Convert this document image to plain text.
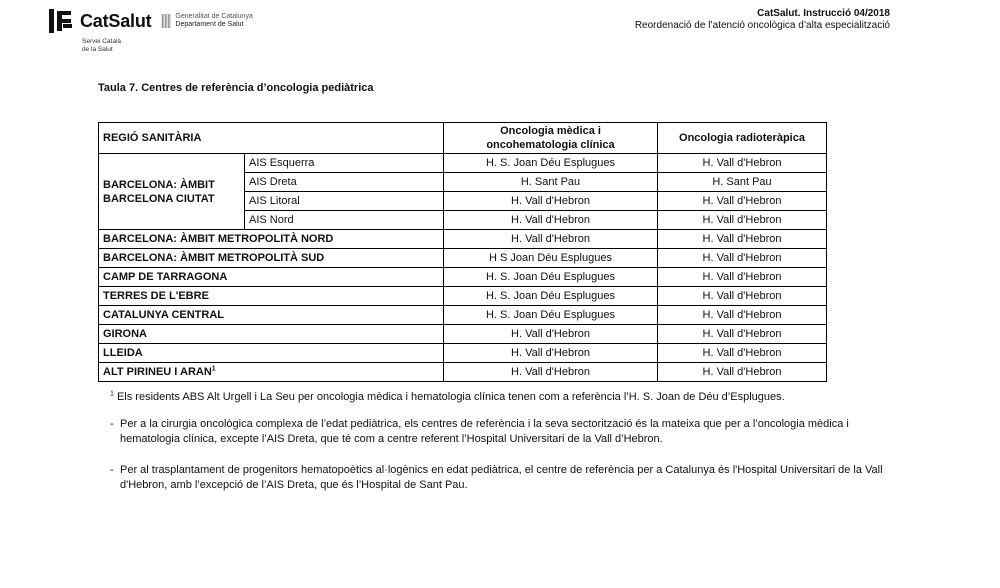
CatSalut	Generalitat de Catalunya
Departament de Salut
Servei Català
de la Salut
CatSalut. Instrucció 04/2018
Reordenació de l’atenció oncològica d’alta especialització
Taula 7. Centres de referència d’oncologia pediàtrica
REGIÓ SANITÀRIA		Oncologia mèdica i
oncohematologia clínica	Oncologia radioteràpica

BARCELONA: ÀMBIT
BARCELONA CIUTAT	AIS Esquerra	H. S. Joan Déu Esplugues	H. Vall d'Hebron
	AIS Dreta	H. Sant Pau	H. Sant Pau
	AIS Litoral	H. Vall d'Hebron	H. Vall d'Hebron
	AIS Nord	H. Vall d'Hebron	H. Vall d'Hebron
BARCELONA: ÀMBIT METROPOLITÀ NORD		H. Vall d'Hebron	H. Vall d'Hebron
BARCELONA: ÀMBIT METROPOLITÀ SUD		H S Joan Déu Esplugues	H. Vall d'Hebron
CAMP DE TARRAGONA		H. S. Joan Déu Esplugues	H. Vall d'Hebron
TERRES DE L'EBRE		H. S. Joan Déu Esplugues	H. Vall d'Hebron
CATALUNYA CENTRAL		H. S. Joan Déu Esplugues	H. Vall d'Hebron
GIRONA		H. Vall d'Hebron	H. Vall d'Hebron
LLEIDA		H. Vall d'Hebron	H. Vall d'Hebron
ALT PIRINEU I ARAN$^1$		H. Vall d'Hebron	H. Vall d'Hebron
$^1$ Els residents ABS Alt Urgell i La Seu per oncologia mèdica i hematologia clínica tenen com a referència l’H. S. Joan de Déu d’Esplugues.
- Per a la cirurgia oncològica complexa de l’edat pediàtrica, els centres de referència i la seva sectorització és la mateixa que per a l’oncologia mèdica i hematologia clínica, excepte l’AIS Dreta, que té com a centre referent l’Hospital Universitari de la Vall d’Hebron.
- Per al trasplantament de progenitors hematopoètics al·logènics en edat pediàtrica, el centre de referència per a Catalunya és l'Hospital Universitari de la Vall d'Hebron, amb l’excepció de l’AIS Dreta, que és l’Hospital de Sant Pau.
